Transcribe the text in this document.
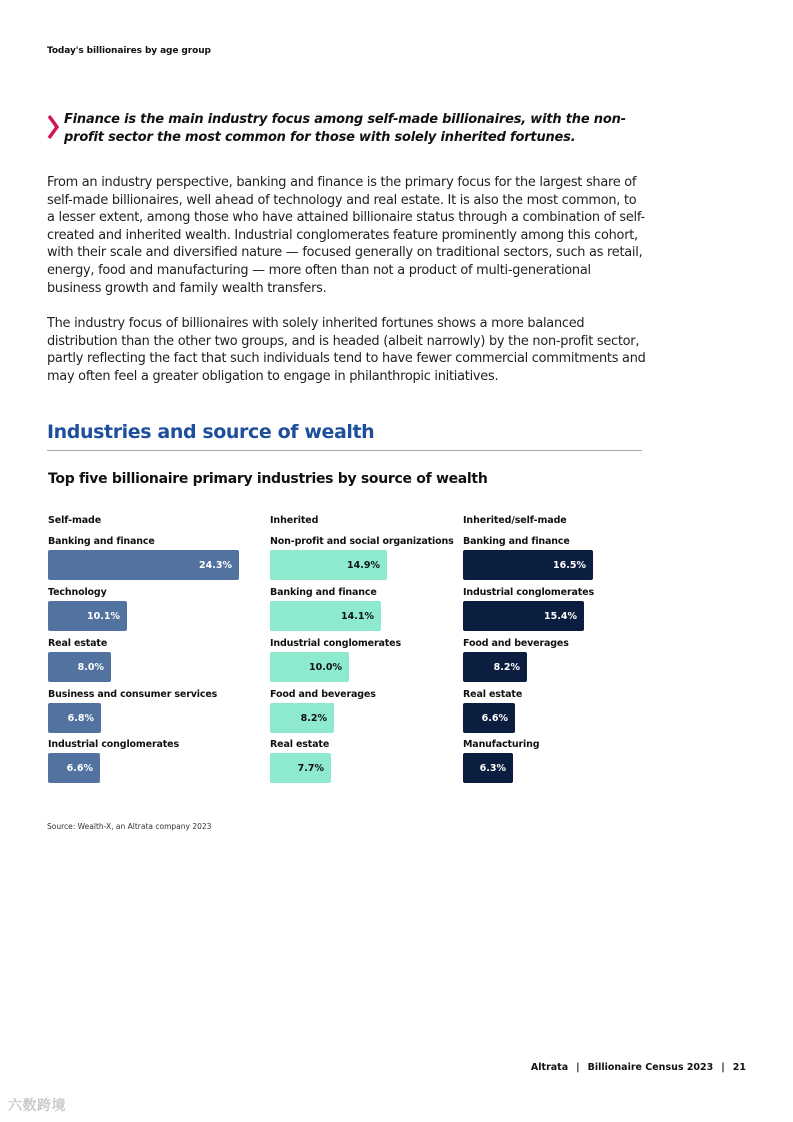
Today's billionaires by age group
Finance is the main industry focus among self-made billionaires, with the non-profit sector the most common for those with solely inherited fortunes.
From an industry perspective, banking and finance is the primary focus for the largest share of self-made billionaires, well ahead of technology and real estate. It is also the most common, to a lesser extent, among those who have attained billionaire status through a combination of self-created and inherited wealth. Industrial conglomerates feature prominently among this cohort, with their scale and diversified nature — focused generally on traditional sectors, such as retail, energy, food and manufacturing — more often than not a product of multi-generational business growth and family wealth transfers.
The industry focus of billionaires with solely inherited fortunes shows a more balanced distribution than the other two groups, and is headed (albeit narrowly) by the non-profit sector, partly reflecting the fact that such individuals tend to have fewer commercial commitments and may often feel a greater obligation to engage in philanthropic initiatives.
Industries and source of wealth
Top five billionaire primary industries by source of wealth
Self-made
Banking and finance
24.3%
Technology
10.1%
Real estate
8.0%
Business and consumer services
6.8%
Industrial conglomerates
6.6%
Inherited
Non-profit and social organizations
14.9%
Banking and finance
14.1%
Industrial conglomerates
10.0%
Food and beverages
8.2%
Real estate
7.7%
Inherited/self-made
Banking and finance
16.5%
Industrial conglomerates
15.4%
Food and beverages
8.2%
Real estate
6.6%
Manufacturing
6.3%
Source: Wealth-X, an Altrata company 2023
Altrata | Billionaire Census 2023 | 21
六数跨境
